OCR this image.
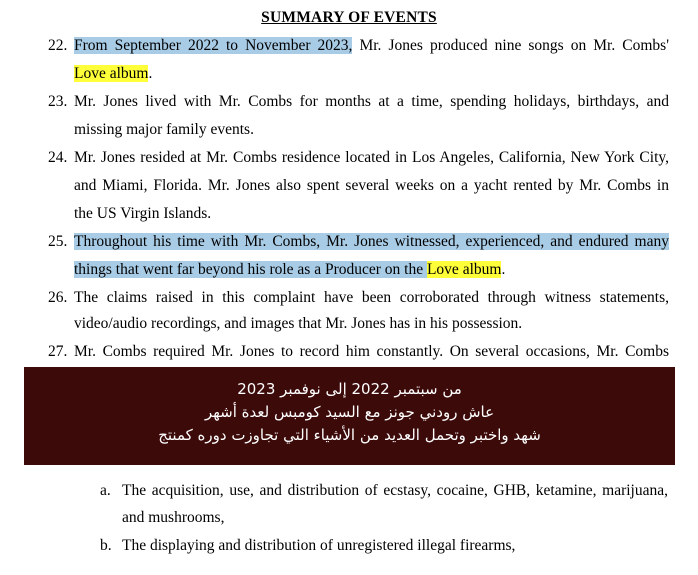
SUMMARY OF EVENTS
22. From September 2022 to November 2023, Mr. Jones produced nine songs on Mr. Combs'
Love album.
23. Mr. Jones lived with Mr. Combs for months at a time, spending holidays, birthdays, and
missing major family events.
24. Mr. Jones resided at Mr. Combs residence located in Los Angeles, California, New York City,
and Miami, Florida. Mr. Jones also spent several weeks on a yacht rented by Mr. Combs in
the US Virgin Islands.
25. Throughout his time with Mr. Combs, Mr. Jones witnessed, experienced, and endured many
things that went far beyond his role as a Producer on the Love album.
26. The claims raised in this complaint have been corroborated through witness statements,
video/audio recordings, and images that Mr. Jones has in his possession.
27. Mr. Combs required Mr. Jones to record him constantly. On several occasions, Mr. Combs
a. The acquisition, use, and distribution of ecstasy, cocaine, GHB, ketamine, marijuana,
and mushrooms,
b. The displaying and distribution of unregistered illegal firearms,
من سبتمبر 2022 إلى نوفمبر 2023
عاش رودني جونز مع السيد كومبس لعدة أشهر
شهد واختبر وتحمل العديد من الأشياء التي تجاوزت دوره كمنتج
